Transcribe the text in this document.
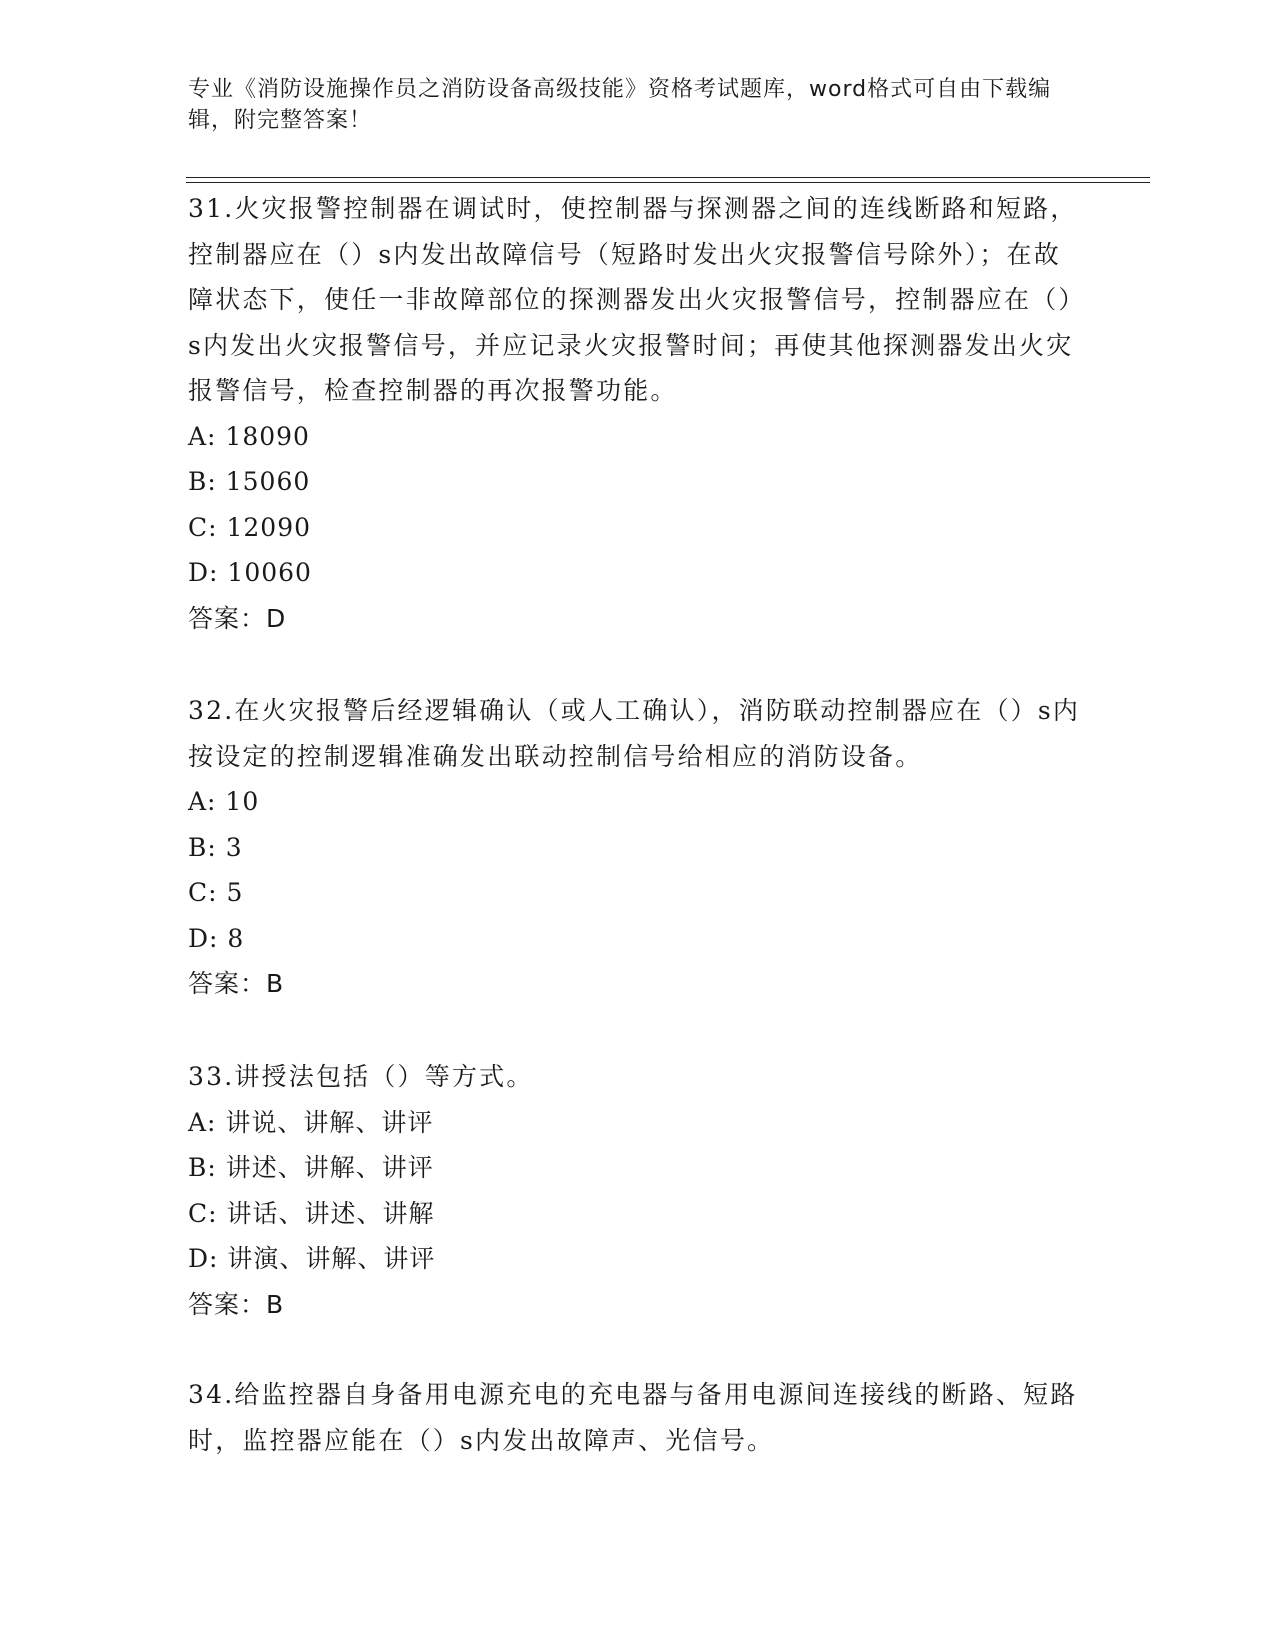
专业《消防设施操作员之消防设备高级技能》资格考试题库，word格式可自由下载编辑，附完整答案！

31.火灾报警控制器在调试时，使控制器与探测器之间的连线断路和短路，控制器应在（）s内发出故障信号（短路时发出火灾报警信号除外）；在故障状态下，使任一非故障部位的探测器发出火灾报警信号，控制器应在（）s内发出火灾报警信号，并应记录火灾报警时间；再使其他探测器发出火灾报警信号，检查控制器的再次报警功能。

A: 18090

B: 15060

C: 12090

D: 10060

答案：D

32.在火灾报警后经逻辑确认（或人工确认），消防联动控制器应在（）s内按设定的控制逻辑准确发出联动控制信号给相应的消防设备。

A: 10

B: 3

C: 5

D: 8

答案：B

33.讲授法包括（）等方式。

A: 讲说、讲解、讲评

B: 讲述、讲解、讲评

C: 讲话、讲述、讲解

D: 讲演、讲解、讲评

答案：B

34.给监控器自身备用电源充电的充电器与备用电源间连接线的断路、短路时，监控器应能在（）s内发出故障声、光信号。
